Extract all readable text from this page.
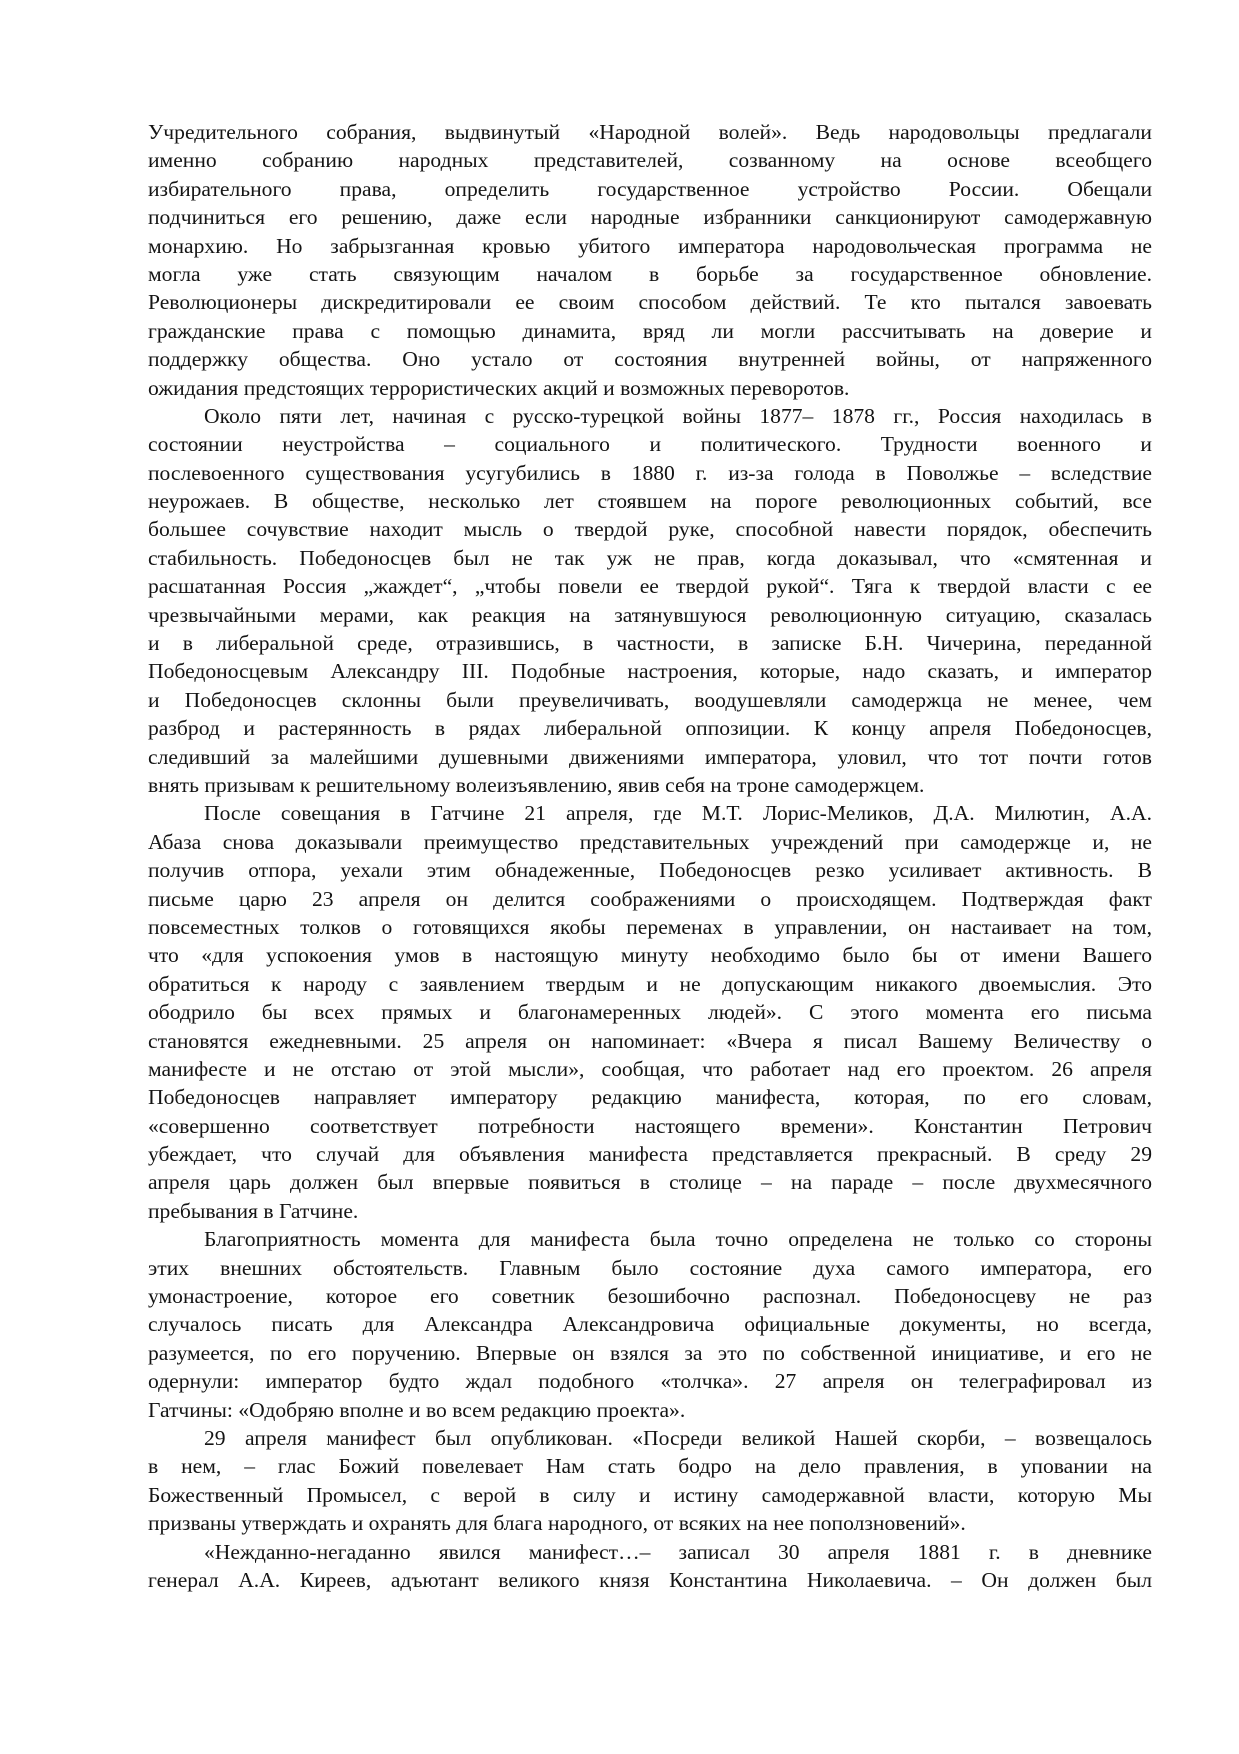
Учредительного собрания, выдвинутый «Народной волей». Ведь народовольцы предлагали
именно собранию народных представителей, созванному на основе всеобщего
избирательного права, определить государственное устройство России. Обещали
подчиниться его решению, даже если народные избранники санкционируют самодержавную
монархию. Но забрызганная кровью убитого императора народовольческая программа не
могла уже стать связующим началом в борьбе за государственное обновление.
Революционеры дискредитировали ее своим способом действий. Те кто пытался завоевать
гражданские права с помощью динамита, вряд ли могли рассчитывать на доверие и
поддержку общества. Оно устало от состояния внутренней войны, от напряженного
ожидания предстоящих террористических акций и возможных переворотов.
Около пяти лет, начиная с русско-турецкой войны 1877– 1878 гг., Россия находилась в
состоянии неустройства – социального и политического. Трудности военного и
послевоенного существования усугубились в 1880 г. из-за голода в Поволжье – вследствие
неурожаев. В обществе, несколько лет стоявшем на пороге революционных событий, все
большее сочувствие находит мысль о твердой руке, способной навести порядок, обеспечить
стабильность. Победоносцев был не так уж не прав, когда доказывал, что «смятенная и
расшатанная Россия „жаждет“, „чтобы повели ее твердой рукой“. Тяга к твердой власти с ее
чрезвычайными мерами, как реакция на затянувшуюся революционную ситуацию, сказалась
и в либеральной среде, отразившись, в частности, в записке Б.Н. Чичерина, переданной
Победоносцевым Александру III. Подобные настроения, которые, надо сказать, и император
и Победоносцев склонны были преувеличивать, воодушевляли самодержца не менее, чем
разброд и растерянность в рядах либеральной оппозиции. К концу апреля Победоносцев,
следивший за малейшими душевными движениями императора, уловил, что тот почти готов
внять призывам к решительному волеизъявлению, явив себя на троне самодержцем.
После совещания в Гатчине 21 апреля, где М.Т. Лорис-Меликов, Д.А. Милютин, А.А.
Абаза снова доказывали преимущество представительных учреждений при самодержце и, не
получив отпора, уехали этим обнадеженные, Победоносцев резко усиливает активность. В
письме царю 23 апреля он делится соображениями о происходящем. Подтверждая факт
повсеместных толков о готовящихся якобы переменах в управлении, он настаивает на том,
что «для успокоения умов в настоящую минуту необходимо было бы от имени Вашего
обратиться к народу с заявлением твердым и не допускающим никакого двоемыслия. Это
ободрило бы всех прямых и благонамеренных людей». С этого момента его письма
становятся ежедневными. 25 апреля он напоминает: «Вчера я писал Вашему Величеству о
манифесте и не отстаю от этой мысли», сообщая, что работает над его проектом. 26 апреля
Победоносцев направляет императору редакцию манифеста, которая, по его словам,
«совершенно соответствует потребности настоящего времени». Константин Петрович
убеждает, что случай для объявления манифеста представляется прекрасный. В среду 29
апреля царь должен был впервые появиться в столице – на параде – после двухмесячного
пребывания в Гатчине.
Благоприятность момента для манифеста была точно определена не только со стороны
этих внешних обстоятельств. Главным было состояние духа самого императора, его
умонастроение, которое его советник безошибочно распознал. Победоносцеву не раз
случалось писать для Александра Александровича официальные документы, но всегда,
разумеется, по его поручению. Впервые он взялся за это по собственной инициативе, и его не
одернули: император будто ждал подобного «толчка». 27 апреля он телеграфировал из
Гатчины: «Одобряю вполне и во всем редакцию проекта».
29 апреля манифест был опубликован. «Посреди великой Нашей скорби, – возвещалось
в нем, – глас Божий повелевает Нам стать бодро на дело правления, в уповании на
Божественный Промысел, с верой в силу и истину самодержавной власти, которую Мы
призваны утверждать и охранять для блага народного, от всяких на нее поползновений».
«Нежданно-негаданно явился манифест…– записал 30 апреля 1881 г. в дневнике
генерал А.А. Киреев, адъютант великого князя Константина Николаевича. – Он должен был
